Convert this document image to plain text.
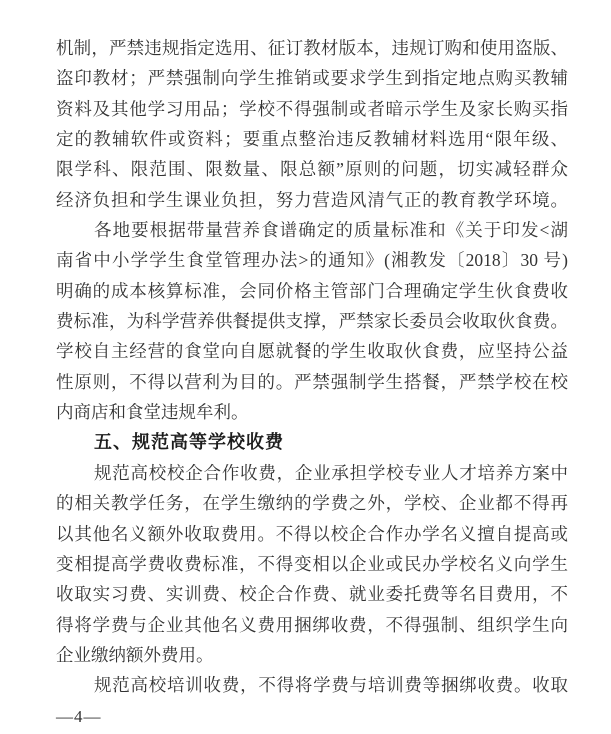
机制，严禁违规指定选用、征订教材版本，违规订购和使用盗版、
盗印教材；严禁强制向学生推销或要求学生到指定地点购买教辅
资料及其他学习用品；学校不得强制或者暗示学生及家长购买指
定的教辅软件或资料；要重点整治违反教辅材料选用“限年级、
限学科、限范围、限数量、限总额”原则的问题，切实减轻群众
经济负担和学生课业负担，努力营造风清气正的教育教学环境。
各地要根据带量营养食谱确定的质量标准和《关于印发<湖
南省中小学学生食堂管理办法>的通知》(湘教发〔2018〕30 号)
明确的成本核算标准，会同价格主管部门合理确定学生伙食费收
费标准，为科学营养供餐提供支撑，严禁家长委员会收取伙食费。
学校自主经营的食堂向自愿就餐的学生收取伙食费，应坚持公益
性原则，不得以营利为目的。严禁强制学生搭餐，严禁学校在校
内商店和食堂违规牟利。
五、规范高等学校收费
规范高校校企合作收费，企业承担学校专业人才培养方案中
的相关教学任务，在学生缴纳的学费之外，学校、企业都不得再
以其他名义额外收取费用。不得以校企合作办学名义擅自提高或
变相提高学费收费标准，不得变相以企业或民办学校名义向学生
收取实习费、实训费、校企合作费、就业委托费等名目费用，不
得将学费与企业其他名义费用捆绑收费，不得强制、组织学生向
企业缴纳额外费用。
规范高校培训收费，不得将学费与培训费等捆绑收费。收取
—4—
